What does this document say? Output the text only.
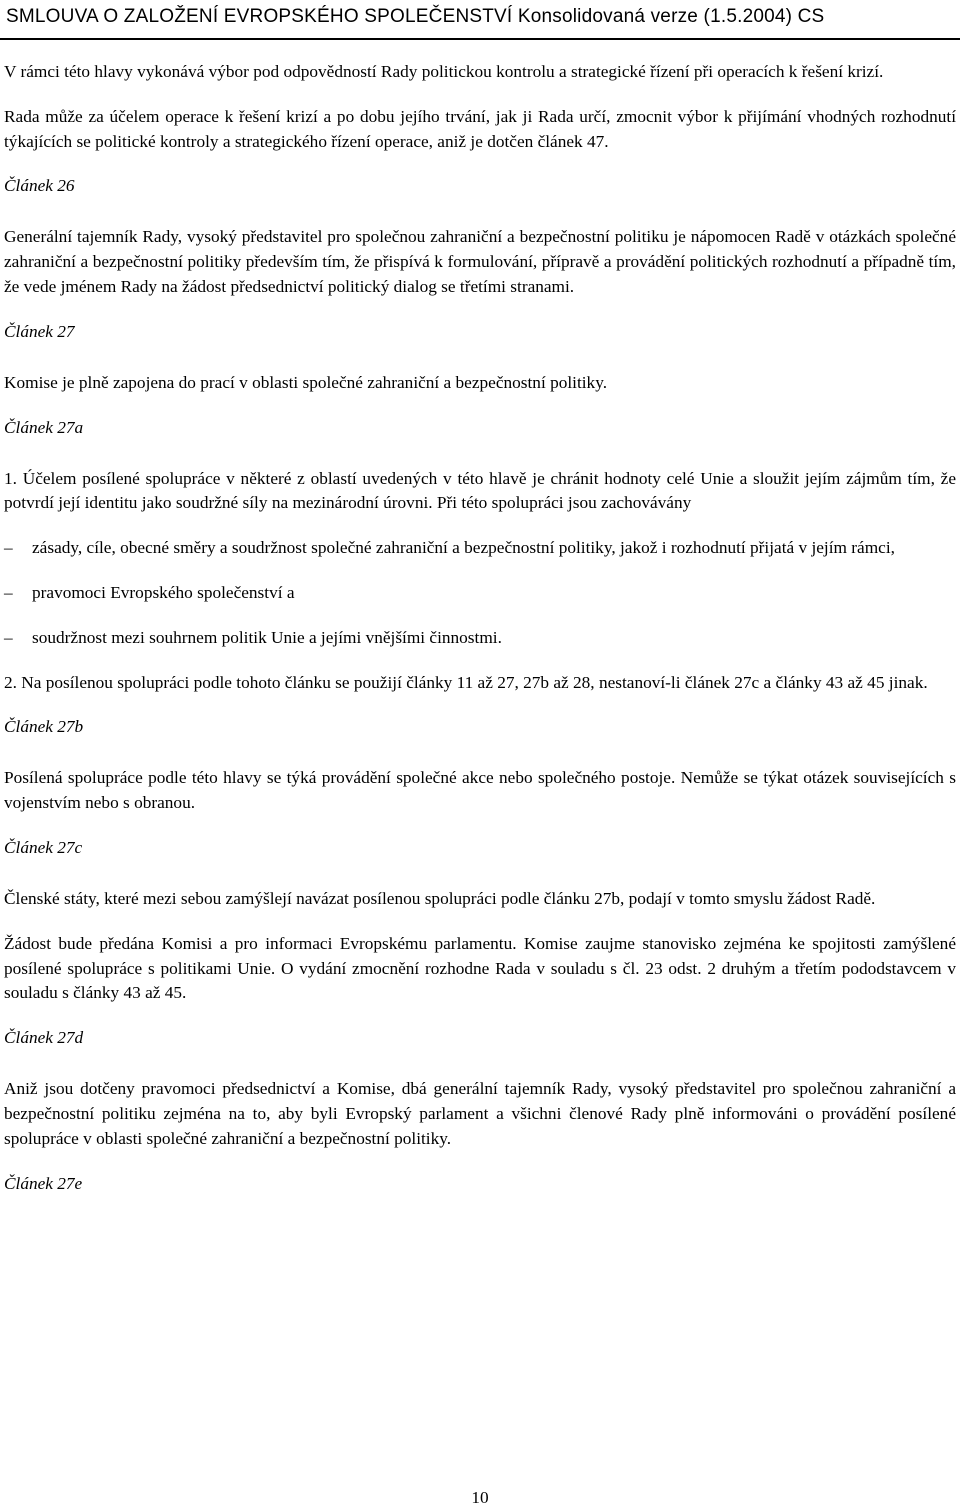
SMLOUVA O ZALOŽENÍ EVROPSKÉHO SPOLEČENSTVÍ Konsolidovaná verze (1.5.2004) CS

V rámci této hlavy vykonává výbor pod odpovědností Rady politickou kontrolu a strategické řízení při operacích k řešení krizí.

Rada může za účelem operace k řešení krizí a po dobu jejího trvání, jak ji Rada určí, zmocnit výbor k přijímání vhodných rozhodnutí týkajících se politické kontroly a strategického řízení operace, aniž je dotčen článek 47.

Článek 26

Generální tajemník Rady, vysoký představitel pro společnou zahraniční a bezpečnostní politiku je nápomocen Radě v otázkách společné zahraniční a bezpečnostní politiky především tím, že přispívá k formulování, přípravě a provádění politických rozhodnutí a případně tím, že vede jménem Rady na žádost předsednictví politický dialog se třetími stranami.

Článek 27

Komise je plně zapojena do prací v oblasti společné zahraniční a bezpečnostní politiky.

Článek 27a

1. Účelem posílené spolupráce v některé z oblastí uvedených v této hlavě je chránit hodnoty celé Unie a sloužit jejím zájmům tím, že potvrdí její identitu jako soudržné síly na mezinárodní úrovni. Při této spolupráci jsou zachovávány

– zásady, cíle, obecné směry a soudržnost společné zahraniční a bezpečnostní politiky, jakož i rozhodnutí přijatá v jejím rámci,

– pravomoci Evropského společenství a

– soudržnost mezi souhrnem politik Unie a jejími vnějšími činnostmi.

2. Na posílenou spolupráci podle tohoto článku se použijí články 11 až 27, 27b až 28, nestanoví-li článek 27c a články 43 až 45 jinak.

Článek 27b

Posílená spolupráce podle této hlavy se týká provádění společné akce nebo společného postoje. Nemůže se týkat otázek souvisejících s vojenstvím nebo s obranou.

Článek 27c

Členské státy, které mezi sebou zamýšlejí navázat posílenou spolupráci podle článku 27b, podají v tomto smyslu žádost Radě.

Žádost bude předána Komisi a pro informaci Evropskému parlamentu. Komise zaujme stanovisko zejména ke spojitosti zamýšlené posílené spolupráce s politikami Unie. O vydání zmocnění rozhodne Rada v souladu s čl. 23 odst. 2 druhým a třetím pododstavcem v souladu s články 43 až 45.

Článek 27d

Aniž jsou dotčeny pravomoci předsednictví a Komise, dbá generální tajemník Rady, vysoký představitel pro společnou zahraniční a bezpečnostní politiku zejména na to, aby byli Evropský parlament a všichni členové Rady plně informováni o provádění posílené spolupráce v oblasti společné zahraniční a bezpečnostní politiky.

Článek 27e

10
